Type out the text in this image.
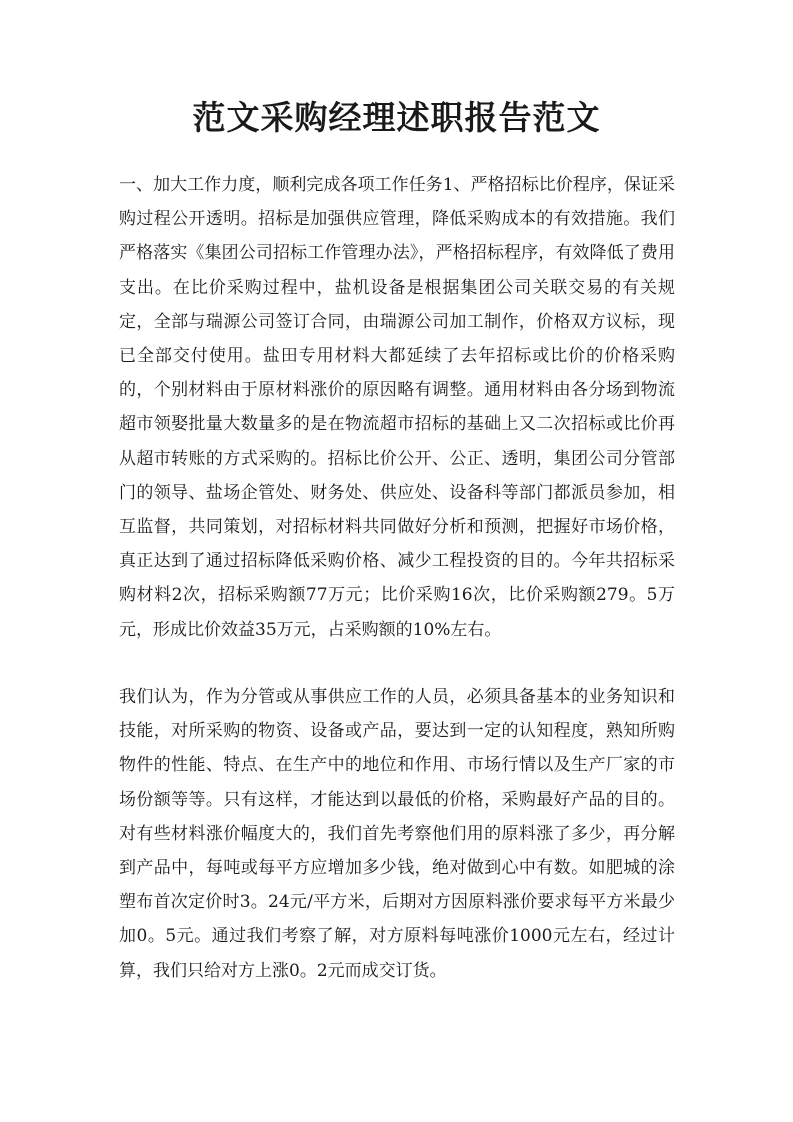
范文采购经理述职报告范文

一、加大工作力度，顺利完成各项工作任务1、严格招标比价程序，保证采购过程公开透明。招标是加强供应管理，降低采购成本的有效措施。我们严格落实《集团公司招标工作管理办法》，严格招标程序，有效降低了费用支出。在比价采购过程中，盐机设备是根据集团公司关联交易的有关规定，全部与瑞源公司签订合同，由瑞源公司加工制作，价格双方议标，现已全部交付使用。盐田专用材料大都延续了去年招标或比价的价格采购的，个别材料由于原材料涨价的原因略有调整。通用材料由各分场到物流超市领娶批量大数量多的是在物流超市招标的基础上又二次招标或比价再从超市转账的方式采购的。招标比价公开、公正、透明，集团公司分管部门的领导、盐场企管处、财务处、供应处、设备科等部门都派员参加，相互监督，共同策划，对招标材料共同做好分析和预测，把握好市场价格，真正达到了通过招标降低采购价格、减少工程投资的目的。今年共招标采购材料2次，招标采购额77万元；比价采购16次，比价采购额279。5万元，形成比价效益35万元，占采购额的10%左右。

我们认为，作为分管或从事供应工作的人员，必须具备基本的业务知识和技能，对所采购的物资、设备或产品，要达到一定的认知程度，熟知所购物件的性能、特点、在生产中的地位和作用、市场行情以及生产厂家的市场份额等等。只有这样，才能达到以最低的价格，采购最好产品的目的。对有些材料涨价幅度大的，我们首先考察他们用的原料涨了多少，再分解到产品中，每吨或每平方应增加多少钱，绝对做到心中有数。如肥城的涂塑布首次定价时3。24元/平方米，后期对方因原料涨价要求每平方米最少加0。5元。通过我们考察了解，对方原料每吨涨价1000元左右，经过计算，我们只给对方上涨0。2元而成交订货。
